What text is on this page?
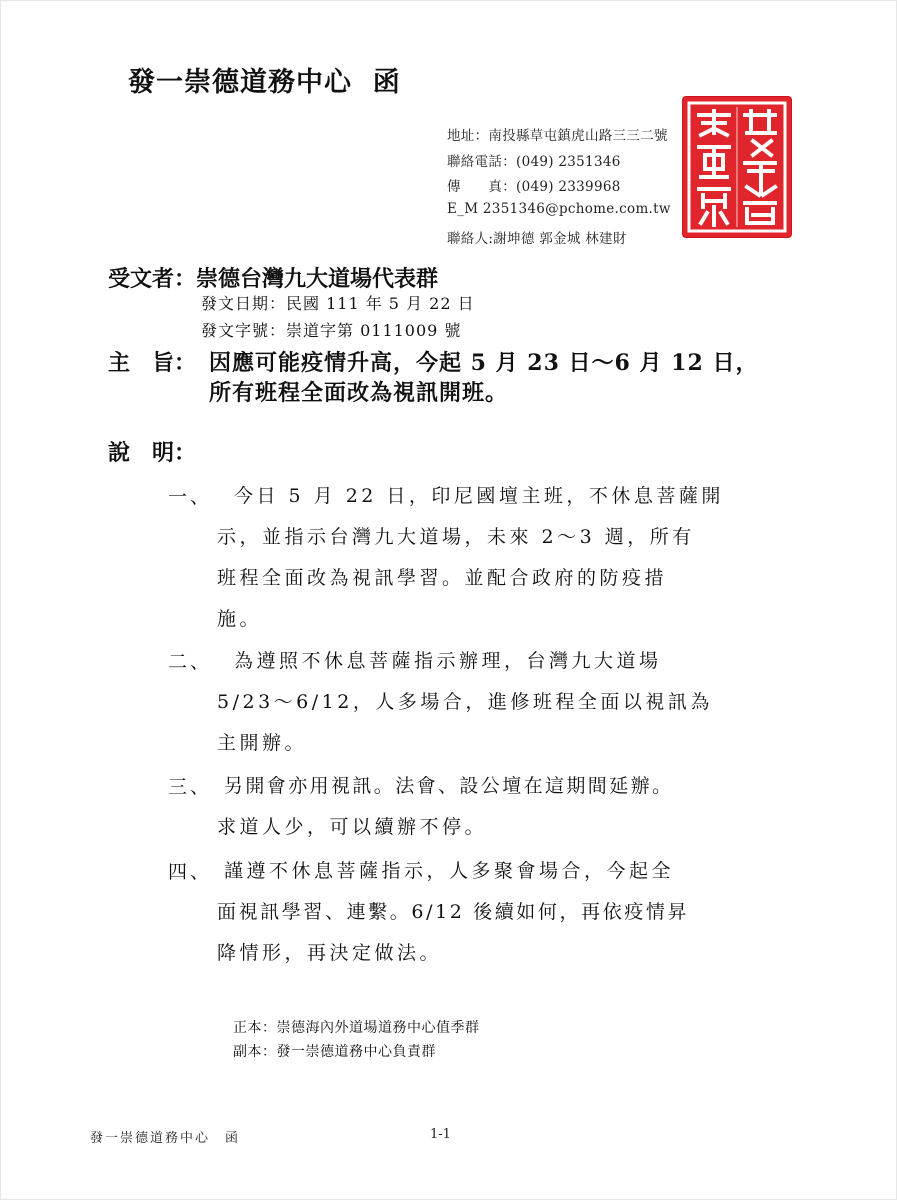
發一崇德道務中心  函
地址：南投縣草屯鎮虎山路三三二號
聯絡電話：(049) 2351346
傳　　真：(049) 2339968
E_M 2351346@pchome.com.tw
聯絡人:謝坤德 郭金城 林建財
受文者：崇德台灣九大道場代表群
發文日期：民國 111 年 5 月 22 日
發文字號：崇道字第 0111009 號
主　旨： 因應可能疫情升高，今起 5 月 23 日～6 月 12 日，
所有班程全面改為視訊開班。
說　明：
一、 今日 5 月 22 日，印尼國壇主班，不休息菩薩開
示，並指示台灣九大道場，未來 2～3 週，所有
班程全面改為視訊學習。並配合政府的防疫措
施。
二、 為遵照不休息菩薩指示辦理，台灣九大道場
5/23～6/12，人多場合，進修班程全面以視訊為
主開辦。
三、 另開會亦用視訊。法會、設公壇在這期間延辦。
求道人少，可以續辦不停。
四、 謹遵不休息菩薩指示，人多聚會場合，今起全
面視訊學習、連繫。6/12 後續如何，再依疫情昇
降情形，再決定做法。
正本：崇德海內外道場道務中心值季群
副本：發一崇德道務中心負責群
發一崇德道務中心　函	1-1
